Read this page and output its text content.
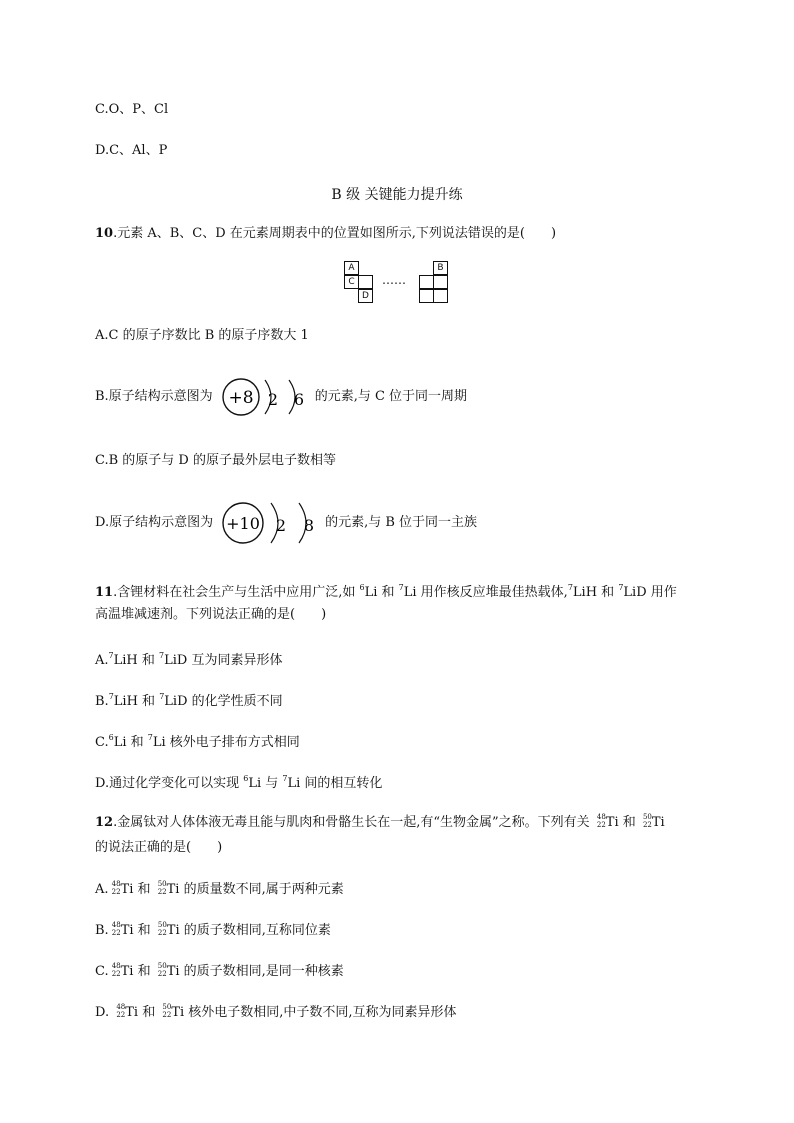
C.O、P、Cl
D.C、Al、P
B 级 关键能力提升练
10.元素 A、B、C、D 在元素周期表中的位置如图所示,下列说法错误的是(　　)
A
C
D
……
B
A.C 的原子序数比 B 的原子序数大 1
B.原子结构示意图为 +8 2 6 的元素,与 C 位于同一周期
C.B 的原子与 D 的原子最外层电子数相等
D.原子结构示意图为 +10 2 8 的元素,与 B 位于同一主族
11.含锂材料在社会生产与生活中应用广泛,如 $^6$Li 和 $^7$Li 用作核反应堆最佳热载体,$^7$LiH 和 $^7$LiD 用作
高温堆减速剂。下列说法正确的是(　　)
A.$^7$LiH 和 $^7$LiD 互为同素异形体
B.$^7$LiH 和 $^7$LiD 的化学性质不同
C.$^6$Li 和 $^7$Li 核外电子排布方式相同
D.通过化学变化可以实现 $^6$Li 与 $^7$Li 间的相互转化
12.金属钛对人体体液无毒且能与肌肉和骨骼生长在一起,有“生物金属”之称。下列有关 48
22 Ti 和 50
22 Ti
的说法正确的是(　　)
A. 48
22 Ti 和 50
22 Ti 的质量数不同,属于两种元素
B. 48
22 Ti 和 50
22 Ti 的质子数相同,互称同位素
C. 48
22 Ti 和 50
22 Ti 的质子数相同,是同一种核素
D. 48
22 Ti 和 50
22 Ti 核外电子数相同,中子数不同,互称为同素异形体
